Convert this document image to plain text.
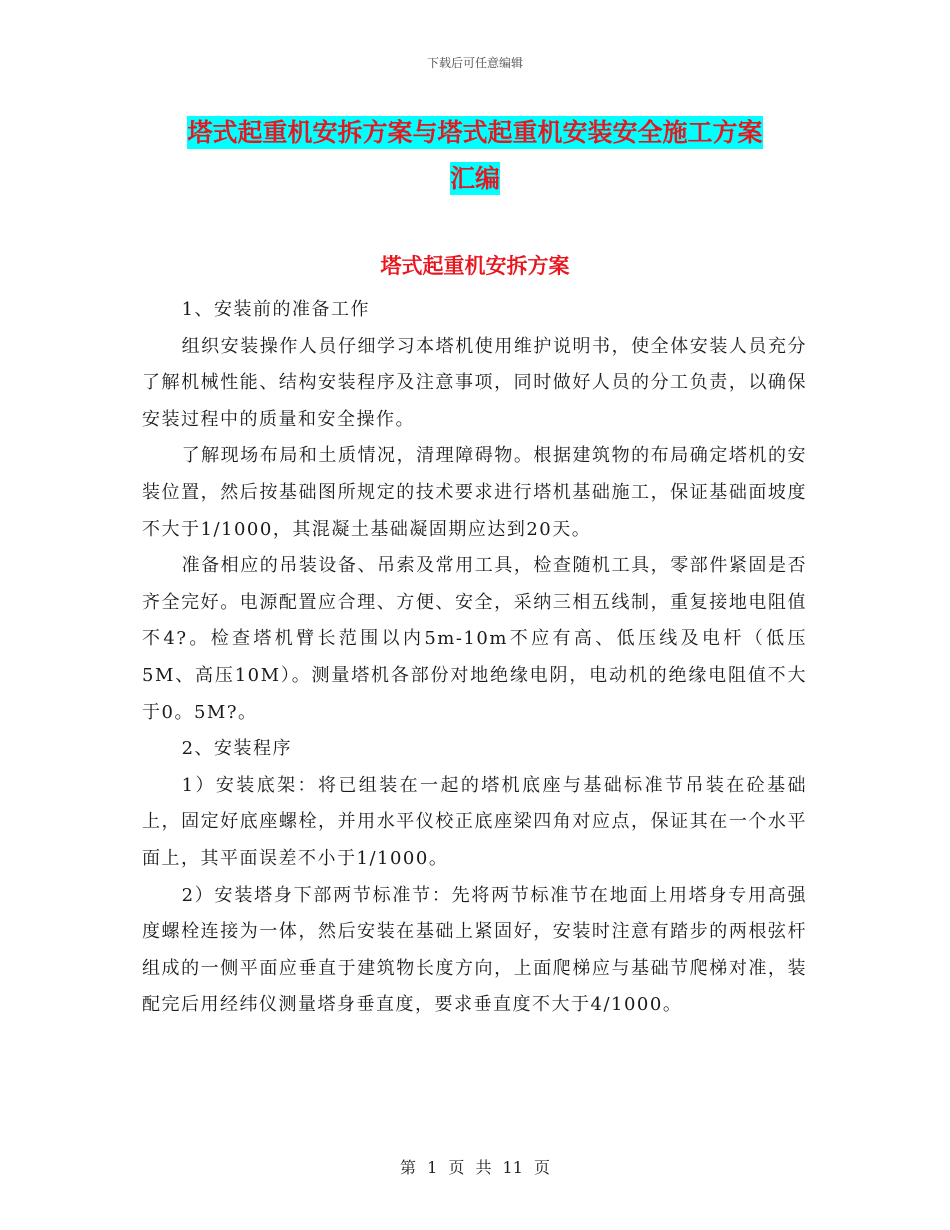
下载后可任意编辑
塔式起重机安拆方案与塔式起重机安装安全施工方案
汇编
塔式起重机安拆方案

1、安装前的准备工作

组织安装操作人员仔细学习本塔机使用维护说明书，使全体安装人员充分了解机械性能、结构安装程序及注意事项，同时做好人员的分工负责，以确保安装过程中的质量和安全操作。

了解现场布局和土质情况，清理障碍物。根据建筑物的布局确定塔机的安装位置，然后按基础图所规定的技术要求进行塔机基础施工，保证基础面坡度不大于1/1000，其混凝土基础凝固期应达到20天。

准备相应的吊装设备、吊索及常用工具，检查随机工具，零部件紧固是否齐全完好。电源配置应合理、方便、安全，采纳三相五线制，重复接地电阻值不4?。检查塔机臂长范围以内5m-10m不应有高、低压线及电杆（低压5M、高压10M）。测量塔机各部份对地绝缘电阴，电动机的绝缘电阻值不大于0。5M?。

2、安装程序

1）安装底架：将已组装在一起的塔机底座与基础标准节吊装在砼基础上，固定好底座螺栓，并用水平仪校正底座梁四角对应点，保证其在一个水平面上，其平面误差不小于1/1000。

2）安装塔身下部两节标准节：先将两节标准节在地面上用塔身专用高强度螺栓连接为一体，然后安装在基础上紧固好，安装时注意有踏步的两根弦杆组成的一侧平面应垂直于建筑物长度方向，上面爬梯应与基础节爬梯对准，装配完后用经纬仪测量塔身垂直度，要求垂直度不大于4/1000。

第 1 页 共 11 页
